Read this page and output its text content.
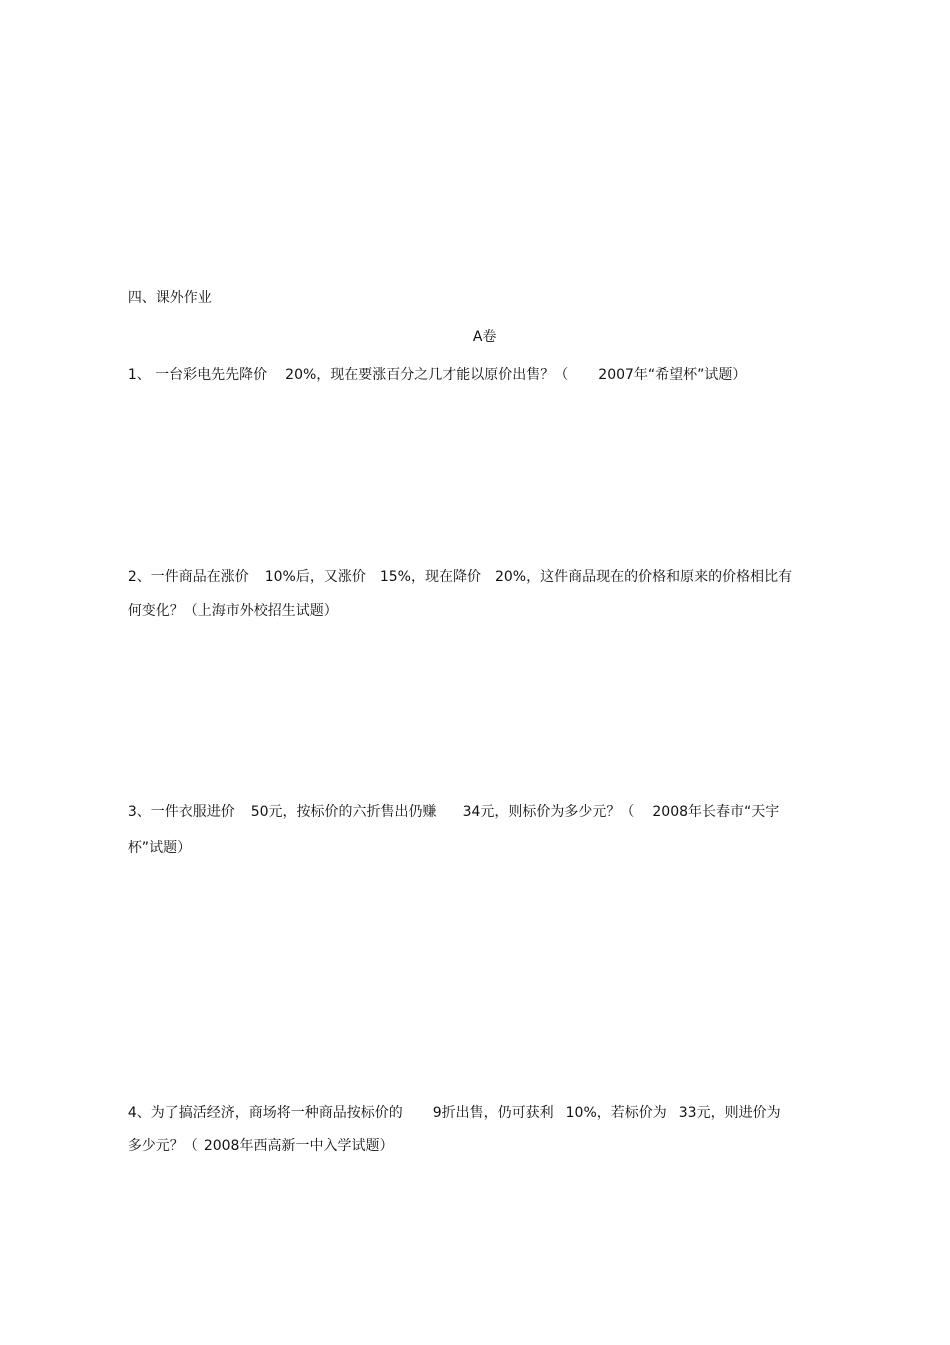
四、课外作业

A卷

1、 一台彩电先先降价 20%，现在要涨百分之几才能以原价出售？（ 2007年“希望杯”试题）

2、一件商品在涨价 10%后，又涨价 15%，现在降价 20%，这件商品现在的价格和原来的价格相比有

何变化？（上海市外校招生试题）

3、一件衣服进价 50元，按标价的六折售出仍赚 34元，则标价为多少元？（ 2008年长春市“天宇

杯”试题）

4、为了搞活经济，商场将一种商品按标价的 9折出售，仍可获利 10%，若标价为 33元，则进价为

多少元？（ 2008年西高新一中入学试题）
